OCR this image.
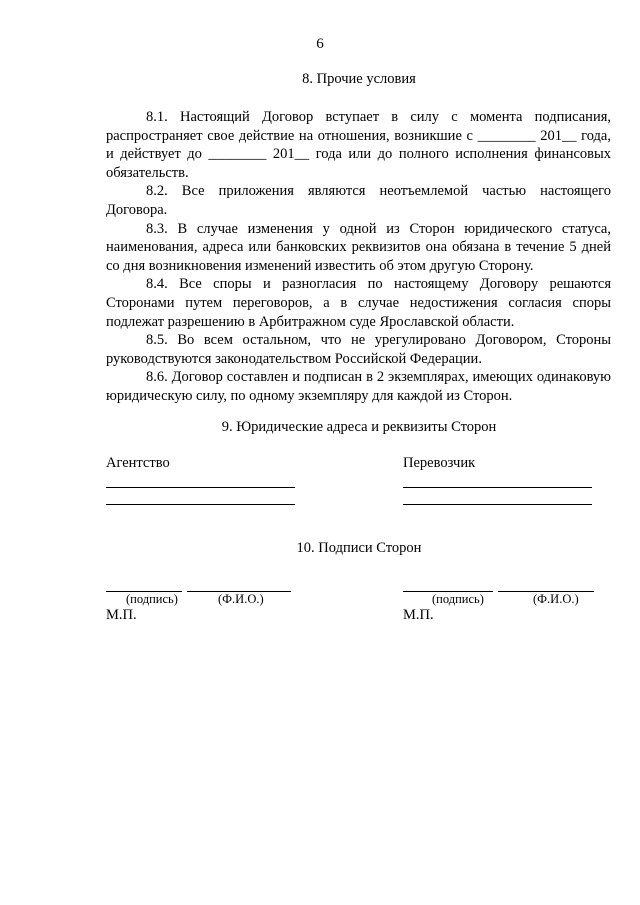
6
8. Прочие условия

8.1. Настоящий Договор вступает в силу с момента подписания, распространяет свое действие на отношения, возникшие с ________ 201__ года, и действует до ________ 201__ года или до полного исполнения финансовых обязательств.

8.2. Все приложения являются неотъемлемой частью настоящего Договора.

8.3. В случае изменения у одной из Сторон юридического статуса, наименования, адреса или банковских реквизитов она обязана в течение 5 дней со дня возникновения изменений известить об этом другую Сторону.

8.4. Все споры и разногласия по настоящему Договору решаются Сторонами путем переговоров, а в случае недостижения согласия споры подлежат разрешению в Арбитражном суде Ярославской области.

8.5. Во всем остальном, что не урегулировано Договором, Стороны руководствуются законодательством Российской Федерации.

8.6. Договор составлен и подписан в 2 экземплярах, имеющих одинаковую юридическую силу, по одному экземпляру для каждой из Сторон.

9. Юридические адреса и реквизиты Сторон
Агентство	Перевозчик
10. Подписи Сторон
(подпись)	(Ф.И.О.)	(подпись)	(Ф.И.О.)
М.П.	М.П.
